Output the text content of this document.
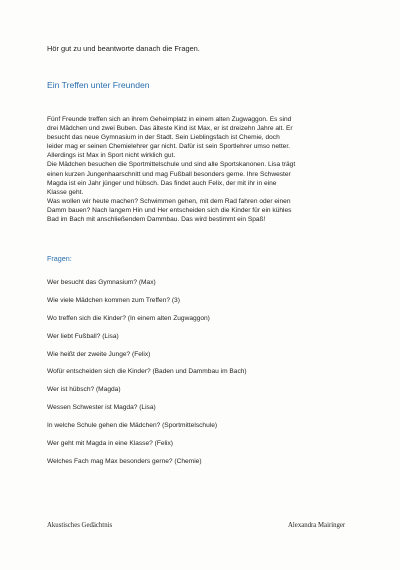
Hör gut zu und beantworte danach die Fragen.
Ein Treffen unter Freunden

Fünf Freunde treffen sich an ihrem Geheimplatz in einem alten Zugwaggon. Es sind

drei Mädchen und zwei Buben. Das älteste Kind ist Max, er ist dreizehn Jahre alt. Er

besucht das neue Gymnasium in der Stadt. Sein Lieblingsfach ist Chemie, doch

leider mag er seinen Chemielehrer gar nicht. Dafür ist sein Sportlehrer umso netter.

Allerdings ist Max in Sport nicht wirklich gut.

Die Mädchen besuchen die Sportmittelschule und sind alle Sportskanonen. Lisa trägt

einen kurzen Jungenhaarschnitt und mag Fußball besonders gerne. Ihre Schwester

Magda ist ein Jahr jünger und hübsch. Das findet auch Felix, der mit ihr in eine

Klasse geht.

Was wollen wir heute machen? Schwimmen gehen, mit dem Rad fahren oder einen

Damm bauen? Nach langem Hin und Her entscheiden sich die Kinder für ein kühles

Bad im Bach mit anschließendem Dammbau. Das wird bestimmt ein Spaß!

Fragen:
Wer besucht das Gymnasium? (Max)
Wie viele Mädchen kommen zum Treffen? (3)
Wo treffen sich die Kinder? (In einem alten Zugwaggon)
Wer liebt Fußball? (Lisa)
Wie heißt der zweite Junge? (Felix)
Wofür entscheiden sich die Kinder? (Baden und Dammbau im Bach)
Wer ist hübsch? (Magda)
Wessen Schwester ist Magda? (Lisa)
In welche Schule gehen die Mädchen? (Sportmittelschule)
Wer geht mit Magda in eine Klasse? (Felix)
Welches Fach mag Max besonders gerne? (Chemie)
Akustisches Gedächtnis	Alexandra Mairinger
